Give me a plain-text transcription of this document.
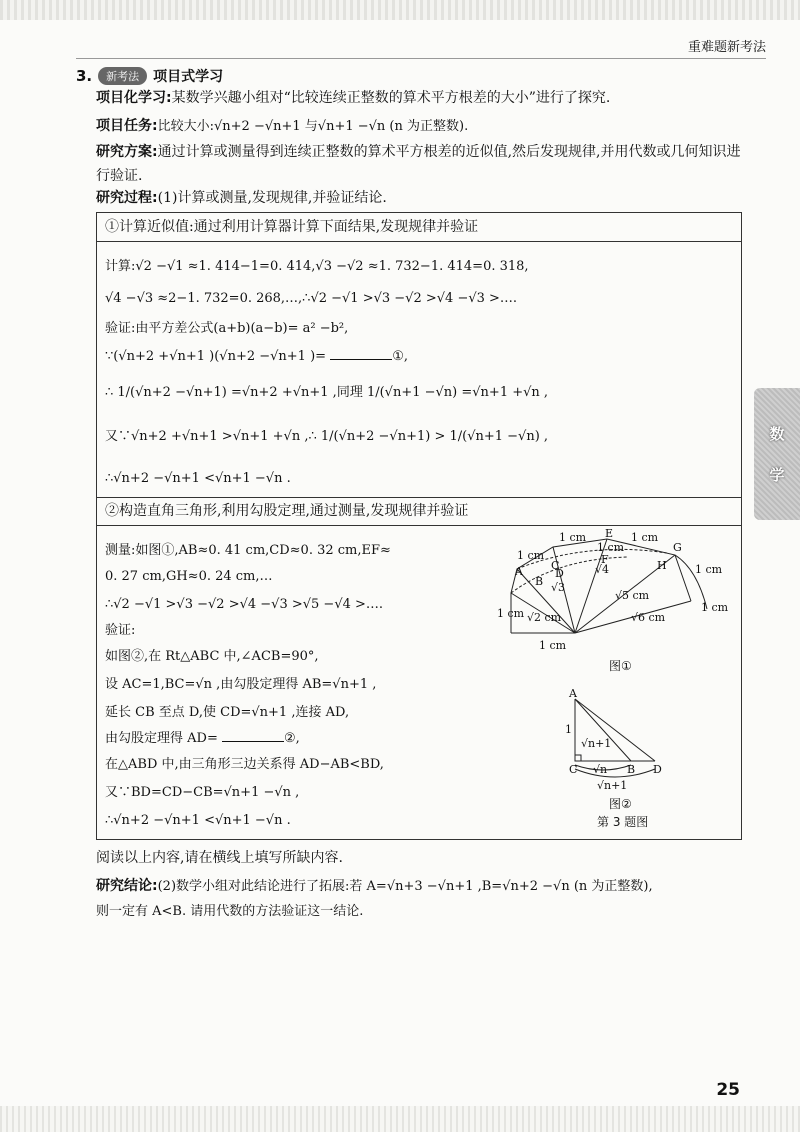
重难题新考法
数
学
3.	新考法	项目式学习
项目化学习:某数学兴趣小组对“比较连续正整数的算术平方根差的大小”进行了探究.
项目任务:比较大小:√n+2 −√n+1 与√n+1 −√n (n 为正整数).
研究方案:通过计算或测量得到连续正整数的算术平方根差的近似值,然后发现规律,并用代数或几何知识进行验证.
研究过程:(1)计算或测量,发现规律,并验证结论.
①计算近似值:通过利用计算器计算下面结果,发现规律并验证
计算:√2 −√1 ≈1. 414−1=0. 414,√3 −√2 ≈1. 732−1. 414=0. 318,
√4 −√3 ≈2−1. 732=0. 268,…,∴√2 −√1 >√3 −√2 >√4 −√3 >….
验证:由平方差公式(a+b)(a−b)= a² −b²,
∵(√n+2 +√n+1 )(√n+2 −√n+1 )=	①,
∴ 1/(√n+2 −√n+1) =√n+2 +√n+1 ,同理 1/(√n+1 −√n) =√n+1 +√n ,
又∵√n+2 +√n+1 >√n+1 +√n ,∴ 1/(√n+2 −√n+1) > 1/(√n+1 −√n) ,
∴√n+2 −√n+1 <√n+1 −√n .
②构造直角三角形,利用勾股定理,通过测量,发现规律并验证
测量:如图①,AB≈0. 41 cm,CD≈0. 32 cm,EF≈
0. 27 cm,GH≈0. 24 cm,…
∴√2 −√1 >√3 −√2 >√4 −√3 >√5 −√4 >….
验证:
如图②,在 Rt△ABC 中,∠ACB=90°,
设 AC=1,BC=√n ,由勾股定理得 AB=√n+1 ,
延长 CB 至点 D,使 CD=√n+1 ,连接 AD,
由勾股定理得 AD=	②,
在△ABD 中,由三角形三边关系得 AD−AB<BD,
又∵BD=CD−CB=√n+1 −√n ,
∴√n+2 −√n+1 <√n+1 −√n .
1 cm	1 cm
1 cm
1 cm
1 cm	1 cm
1 cm
1 cm
√2 cm
√3
√4
√5 cm
√6 cm
A
B
C
D
E
F
G
H
图①
A
1
√n+1
C √n B D
√n+1
图②
第 3 题图
阅读以上内容,请在横线上填写所缺内容.
研究结论:(2)数学小组对此结论进行了拓展:若 A=√n+3 −√n+1 ,B=√n+2 −√n (n 为正整数),
则一定有 A<B. 请用代数的方法验证这一结论.
25
